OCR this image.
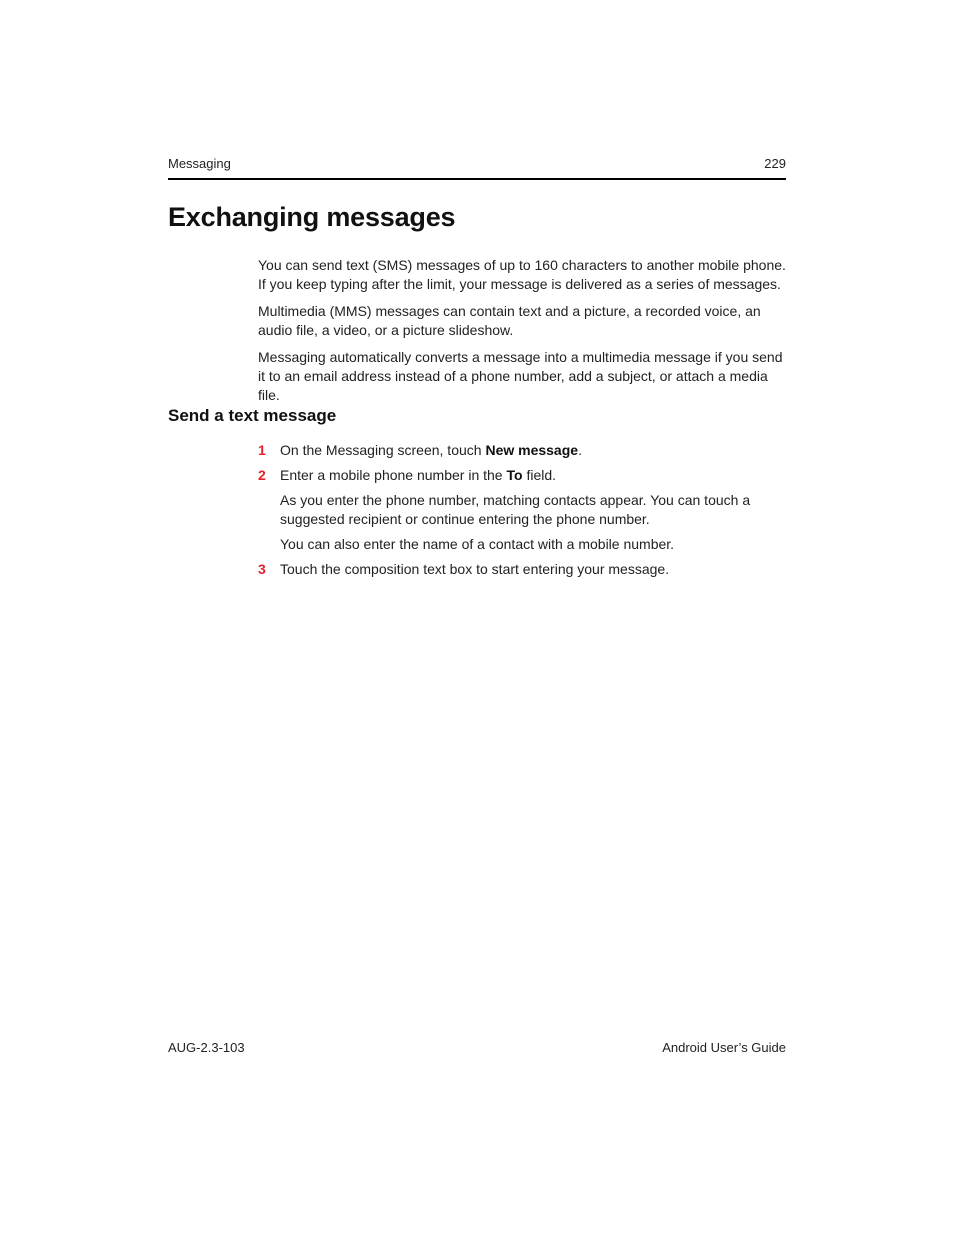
Messaging	229
Exchanging messages

You can send text (SMS) messages of up to 160 characters to another mobile phone. If you keep typing after the limit, your message is delivered as a series of messages.

Multimedia (MMS) messages can contain text and a picture, a recorded voice, an audio file, a video, or a picture slideshow.

Messaging automatically converts a message into a multimedia message if you send it to an email address instead of a phone number, add a subject, or attach a media file.

Send a text message
1 On the Messaging screen, touch New message.

2 Enter a mobile phone number in the To field.

As you enter the phone number, matching contacts appear. You can touch a suggested recipient or continue entering the phone number.

You can also enter the name of a contact with a mobile number.

3 Touch the composition text box to start entering your message.

AUG-2.3-103	Android User’s Guide
